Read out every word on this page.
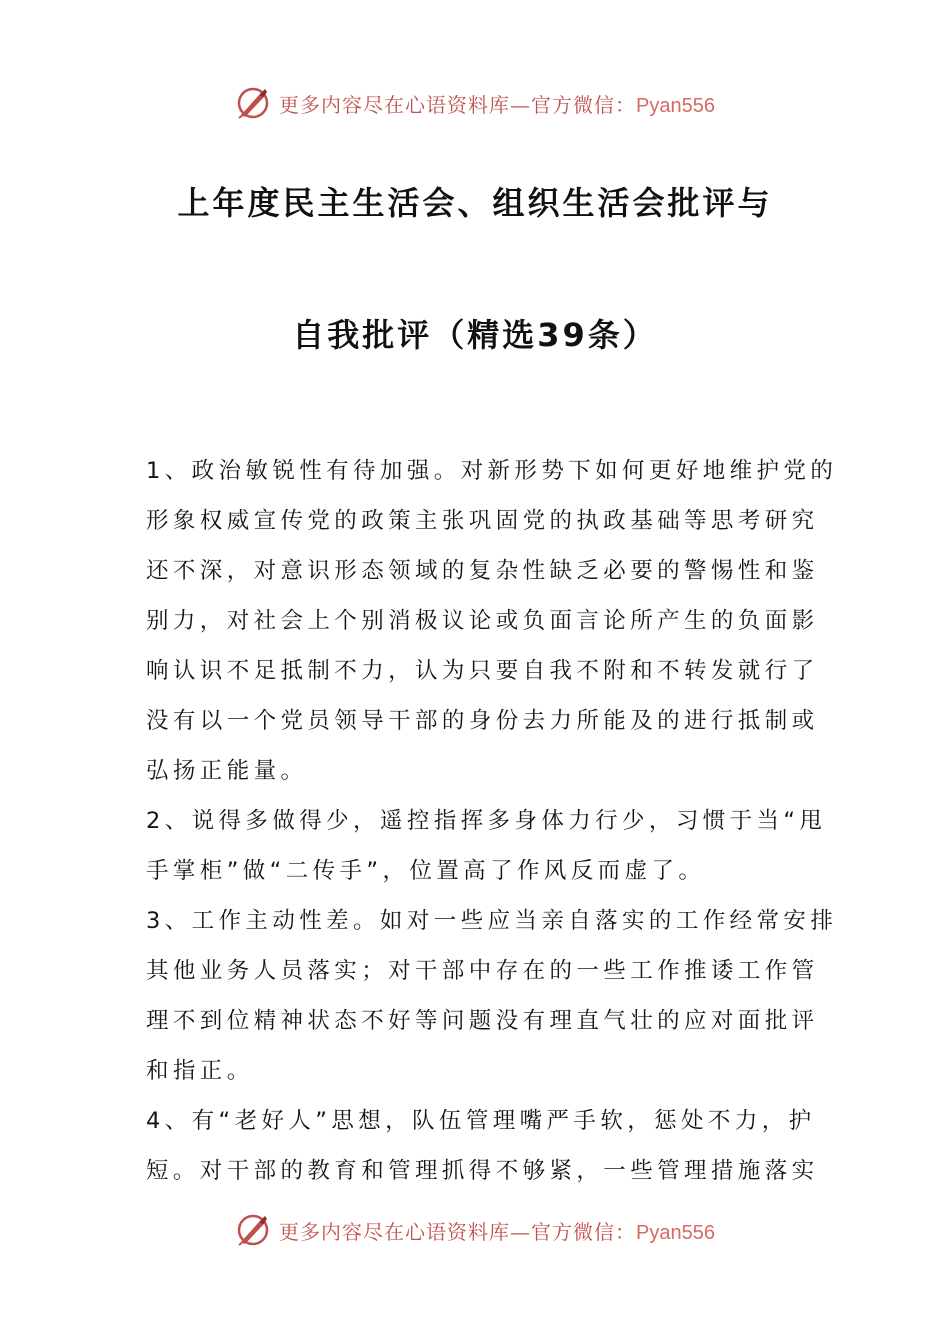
更多内容尽在心语资料库—官方微信：Pyan556
上年度民主生活会、组织生活会批评与
自我批评（精选39条）
1、政治敏锐性有待加强。对新形势下如何更好地维护党的
形象权威宣传党的政策主张巩固党的执政基础等思考研究
还不深，对意识形态领域的复杂性缺乏必要的警惕性和鉴
别力，对社会上个别消极议论或负面言论所产生的负面影
响认识不足抵制不力，认为只要自我不附和不转发就行了
没有以一个党员领导干部的身份去力所能及的进行抵制或
弘扬正能量。
2、说得多做得少，遥控指挥多身体力行少，习惯于当“甩
手掌柜”做“二传手”，位置高了作风反而虚了。
3、工作主动性差。如对一些应当亲自落实的工作经常安排
其他业务人员落实；对干部中存在的一些工作推诿工作管
理不到位精神状态不好等问题没有理直气壮的应对面批评
和指正。
4、有“老好人”思想，队伍管理嘴严手软，惩处不力，护
短。对干部的教育和管理抓得不够紧，一些管理措施落实
更多内容尽在心语资料库—官方微信：Pyan556
